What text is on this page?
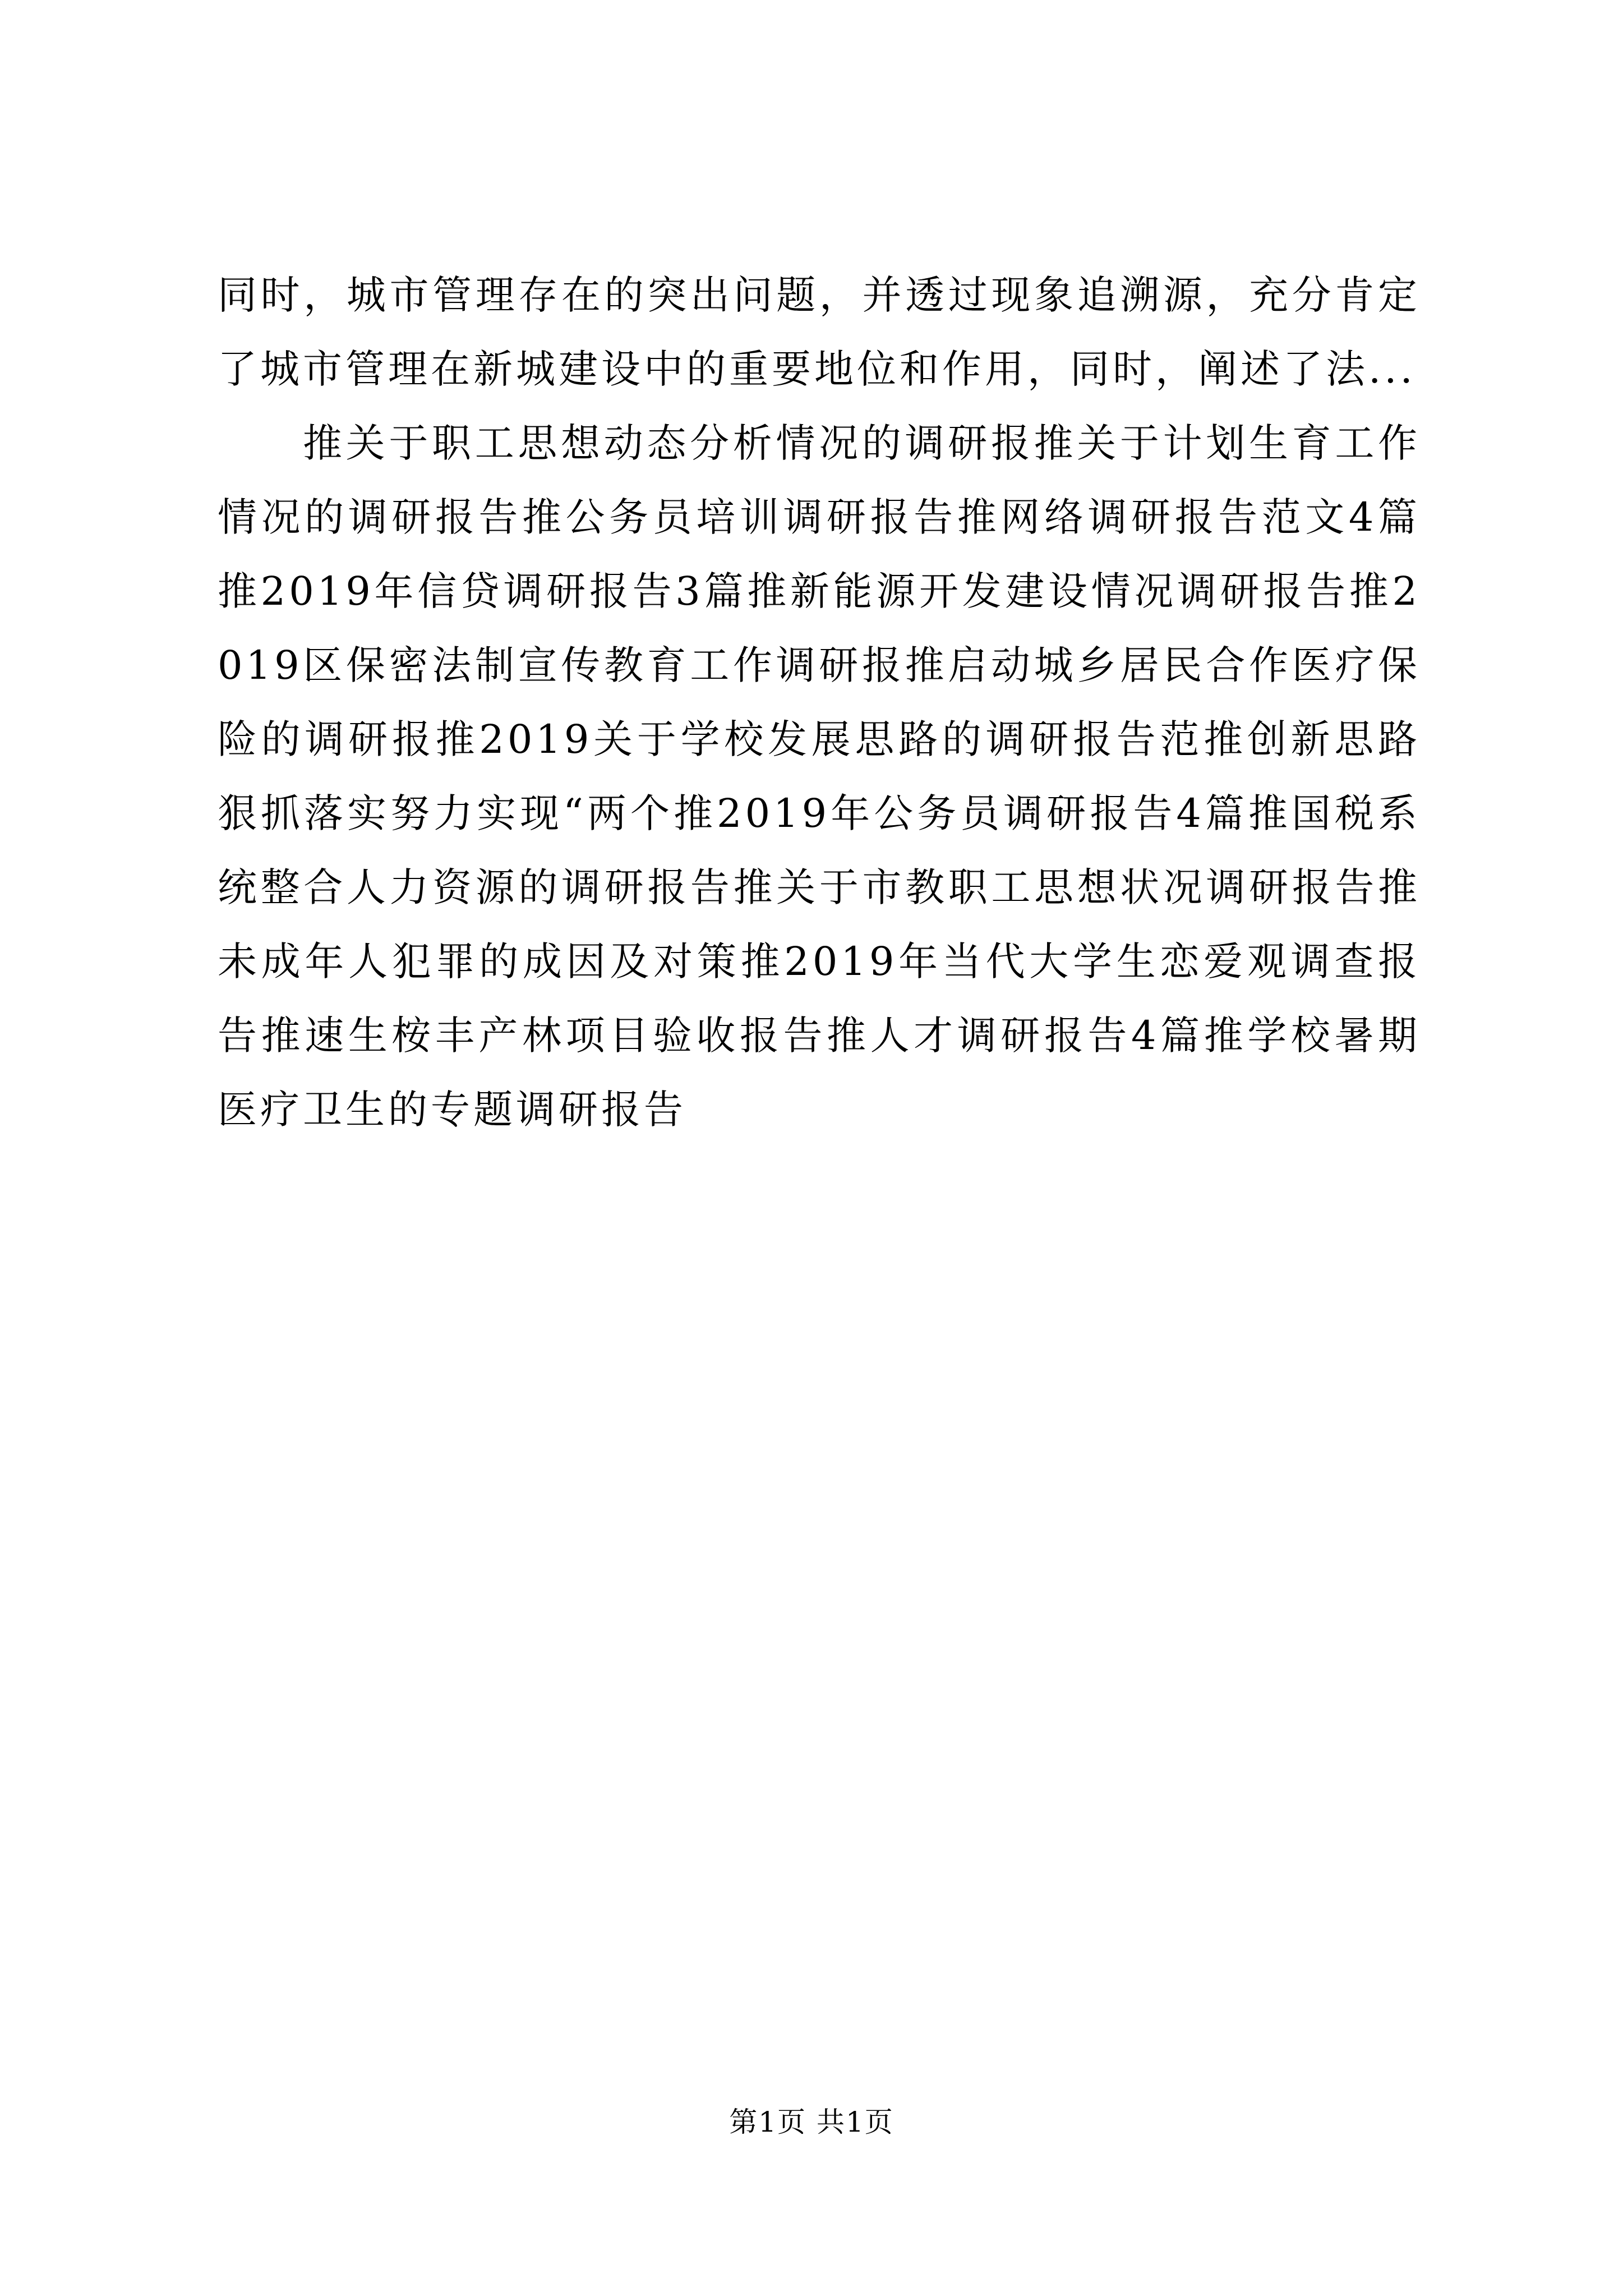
同时，城市管理存在的突出问题，并透过现象追溯源，充分肯定了城市管理在新城建设中的重要地位和作用，同时，阐述了法...

推关于职工思想动态分析情况的调研报推关于计划生育工作情况的调研报告推公务员培训调研报告推网络调研报告范文4篇推2019年信贷调研报告3篇推新能源开发建设情况调研报告推2019区保密法制宣传教育工作调研报推启动城乡居民合作医疗保险的调研报推2019关于学校发展思路的调研报告范推创新思路狠抓落实努力实现“两个推2019年公务员调研报告4篇推国税系统整合人力资源的调研报告推关于市教职工思想状况调研报告推未成年人犯罪的成因及对策推2019年当代大学生恋爱观调查报告推速生桉丰产林项目验收报告推人才调研报告4篇推学校暑期医疗卫生的专题调研报告

第1页 共1页
